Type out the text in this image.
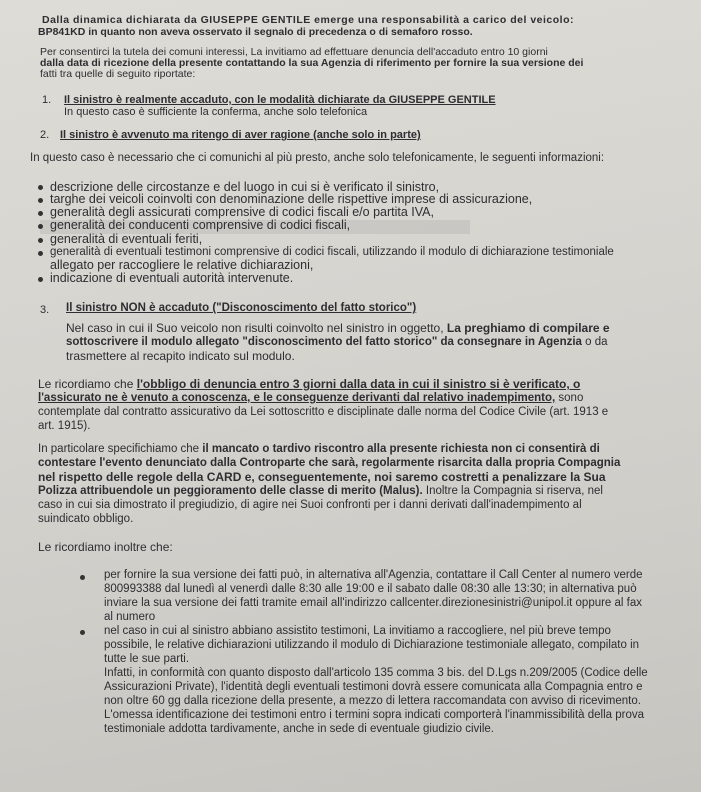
Dalla dinamica dichiarata da GIUSEPPE GENTILE emerge una responsabilità a carico del veicolo:
BP841KD in quanto non aveva osservato il segnalo di precedenza o di semaforo rosso.
Per consentirci la tutela dei comuni interessi, La invitiamo ad effettuare denuncia dell'accaduto entro 10 giorni
dalla data di ricezione della presente contattando la sua Agenzia di riferimento per fornire la sua versione dei
fatti tra quelle di seguito riportate:
1. Il sinistro è realmente accaduto, con le modalità dichiarate da GIUSEPPE GENTILE
In questo caso è sufficiente la conferma, anche solo telefonica
2. Il sinistro è avvenuto ma ritengo di aver ragione (anche solo in parte)
In questo caso è necessario che ci comunichi al più presto, anche solo telefonicamente, le seguenti informazioni:
descrizione delle circostanze e del luogo in cui si è verificato il sinistro,
targhe dei veicoli coinvolti con denominazione delle rispettive imprese di assicurazione,
generalità degli assicurati comprensive di codici fiscali e/o partita IVA,
generalità dei conducenti comprensive di codici fiscali,
generalità di eventuali feriti,
generalità di eventuali testimoni comprensive di codici fiscali, utilizzando il modulo di dichiarazione testimoniale
allegato per raccogliere le relative dichiarazioni,
indicazione di eventuali autorità intervenute.
3. Il sinistro NON è accaduto ("Disconoscimento del fatto storico")
Nel caso in cui il Suo veicolo non risulti coinvolto nel sinistro in oggetto, La preghiamo di compilare e
sottoscrivere il modulo allegato "disconoscimento del fatto storico" da consegnare in Agenzia o da
trasmettere al recapito indicato sul modulo.
Le ricordiamo che l'obbligo di denuncia entro 3 giorni dalla data in cui il sinistro si è verificato, o
l'assicurato ne è venuto a conoscenza, e le conseguenze derivanti dal relativo inadempimento, sono
contemplate dal contratto assicurativo da Lei sottoscritto e disciplinate dalle norma del Codice Civile (art. 1913 e
art. 1915).
In particolare specifichiamo che il mancato o tardivo riscontro alla presente richiesta non ci consentirà di
contestare l'evento denunciato dalla Controparte che sarà, regolarmente risarcita dalla propria Compagnia
nel rispetto delle regole della CARD e, conseguentemente, noi saremo costretti a penalizzare la Sua
Polizza attribuendole un peggioramento delle classe di merito (Malus). Inoltre la Compagnia si riserva, nel
caso in cui sia dimostrato il pregiudizio, di agire nei Suoi confronti per i danni derivati dall'inadempimento al
suindicato obbligo.
Le ricordiamo inoltre che:
per fornire la sua versione dei fatti può, in alternativa all'Agenzia, contattare il Call Center al numero verde
800993388 dal lunedì al venerdì dalle 8:30 alle 19:00 e il sabato dalle 08:30 alle 13:30; in alternativa può
inviare la sua versione dei fatti tramite email all'indirizzo callcenter.direzionesinistri@unipol.it oppure al fax
al numero
nel caso in cui al sinistro abbiano assistito testimoni, La invitiamo a raccogliere, nel più breve tempo
possibile, le relative dichiarazioni utilizzando il modulo di Dichiarazione testimoniale allegato, compilato in
tutte le sue parti.
Infatti, in conformità con quanto disposto dall'articolo 135 comma 3 bis. del D.Lgs n.209/2005 (Codice delle
Assicurazioni Private), l'identità degli eventuali testimoni dovrà essere comunicata alla Compagnia entro e
non oltre 60 gg dalla ricezione della presente, a mezzo di lettera raccomandata con avviso di ricevimento.
L'omessa identificazione dei testimoni entro i termini sopra indicati comporterà l'inammissibilità della prova
testimoniale addotta tardivamente, anche in sede di eventuale giudizio civile.
